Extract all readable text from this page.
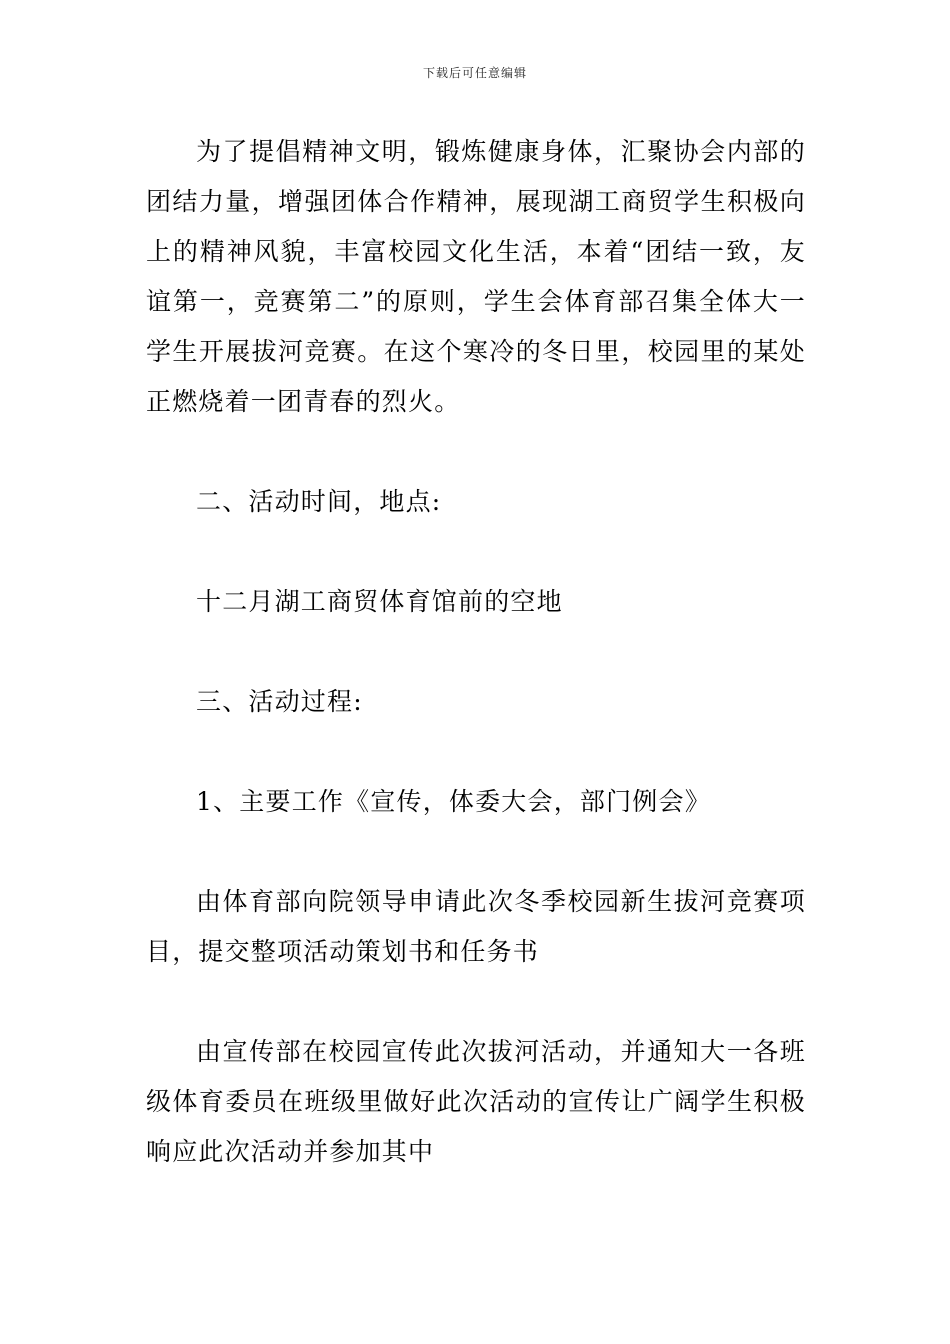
下载后可任意编辑

为了提倡精神文明，锻炼健康身体，汇聚协会内部的团结力量，增强团体合作精神，展现湖工商贸学生积极向上的精神风貌，丰富校园文化生活，本着“团结一致，友谊第一，竞赛第二”的原则，学生会体育部召集全体大一学生开展拔河竞赛。在这个寒冷的冬日里，校园里的某处正燃烧着一团青春的烈火。

二、活动时间，地点:

十二月湖工商贸体育馆前的空地

三、活动过程:

1、主要工作《宣传，体委大会，部门例会》

由体育部向院领导申请此次冬季校园新生拔河竞赛项目，提交整项活动策划书和任务书

由宣传部在校园宣传此次拔河活动，并通知大一各班级体育委员在班级里做好此次活动的宣传让广阔学生积极响应此次活动并参加其中
